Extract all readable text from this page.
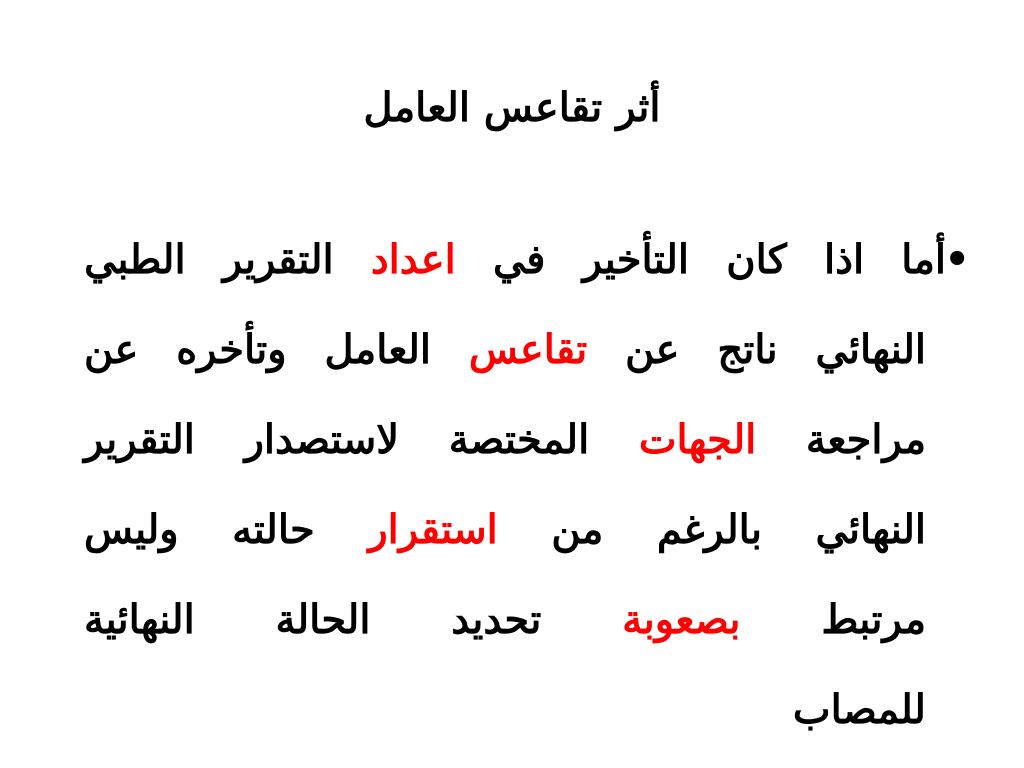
أثر تقاعس العامل
•
أما
اذا
كان
التأخير
في
اعداد
التقرير
الطبي
النهائي
ناتج
عن
تقاعس
العامل
وتأخره
عن
مراجعة
الجهات
المختصة
لاستصدار
التقرير
النهائي
بالرغم
من
استقرار
حالته
وليس
مرتبط
بصعوبة
تحديد
الحالة
النهائية
للمصاب
